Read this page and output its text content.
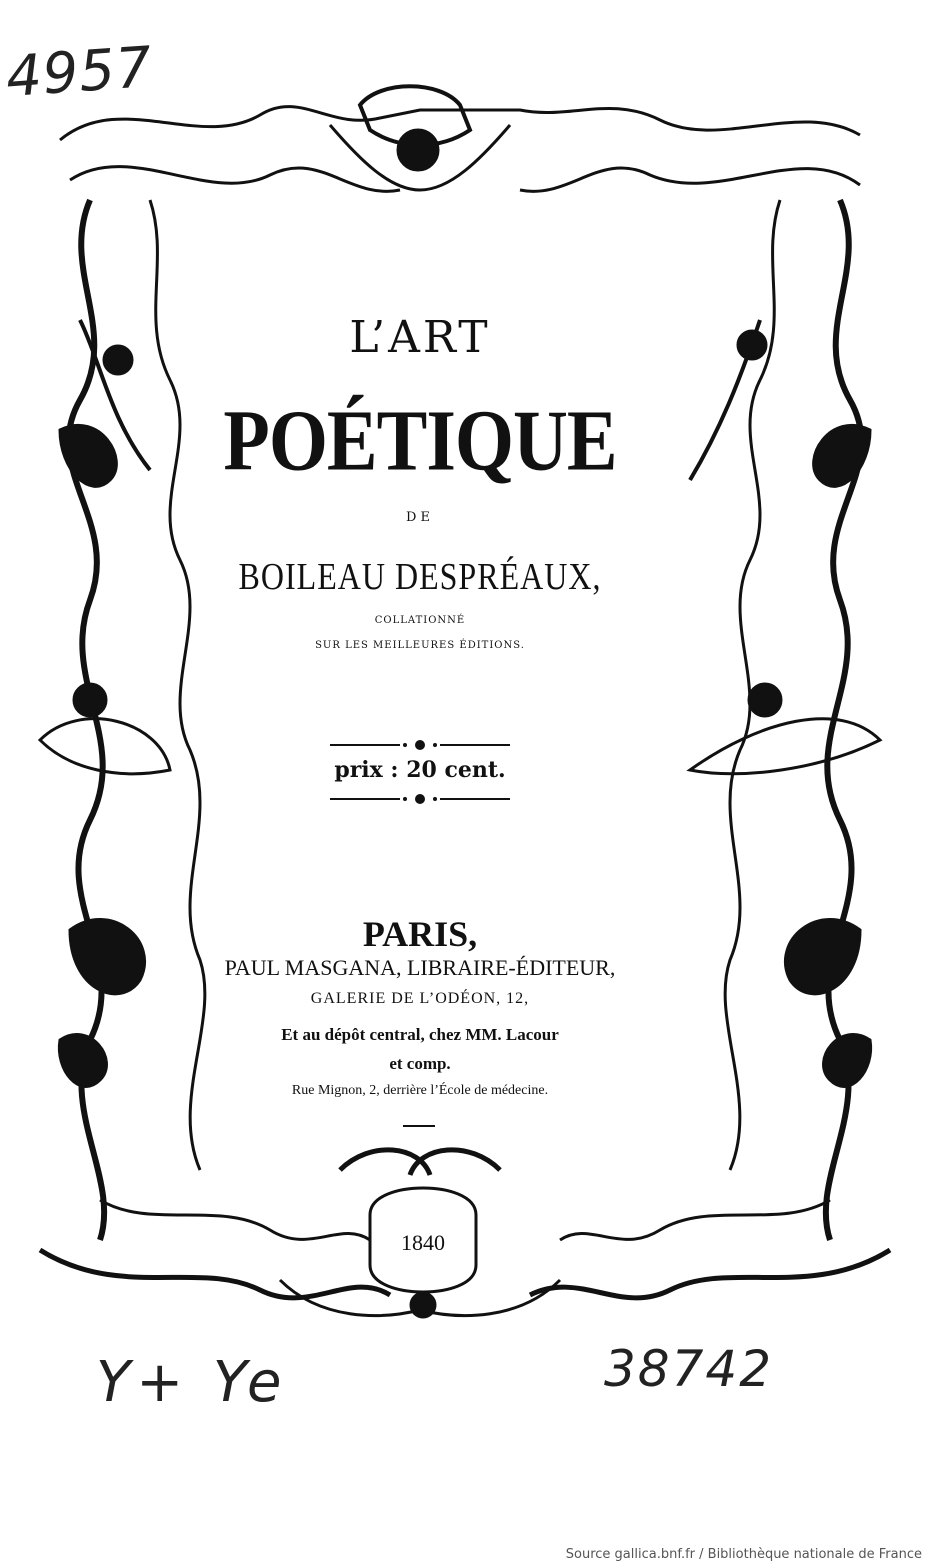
4957
Y+ Ye	38742
L’ART
POÉTIQUE
DE
BOILEAU DESPRÉAUX,
COLLATIONNÉ
SUR LES MEILLEURES ÉDITIONS.
prix : 20 cent.
PARIS,
PAUL MASGANA, LIBRAIRE-ÉDITEUR,
GALERIE DE L’ODÉON, 12,
Et au dépôt central, chez MM. Lacour
et comp.
Rue Mignon, 2, derrière l’École de médecine.
1840
Source gallica.bnf.fr / Bibliothèque nationale de France
